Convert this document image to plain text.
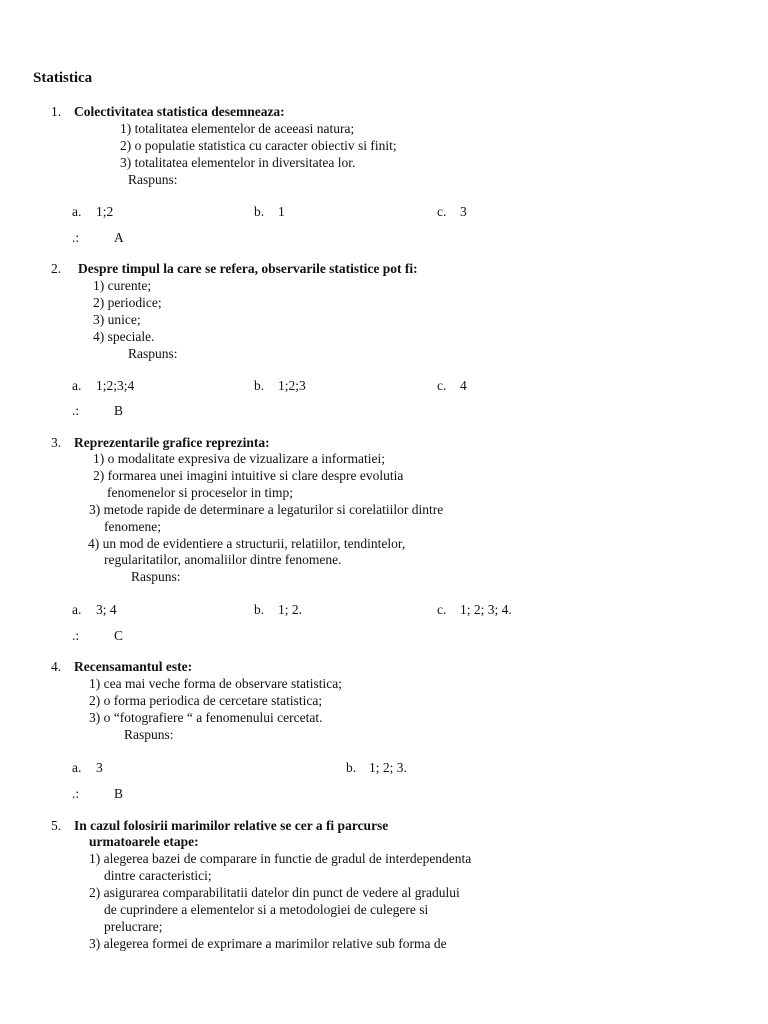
Statistica
1. Colectivitatea statistica desemneaza:
1) totalitatea elementelor de aceeasi natura;
2) o populatie statistica cu caracter obiectiv si finit;
3) totalitatea elementelor in diversitatea lor.
Raspuns:
a. 1;2	b. 1	c. 3
.:	A
2. Despre timpul la care se refera, observarile statistice pot fi:
1) curente;
2) periodice;
3) unice;
4) speciale.
Raspuns:
a. 1;2;3;4	b. 1;2;3	c. 4
.:	B
3. Reprezentarile grafice reprezinta:
1) o modalitate expresiva de vizualizare a informatiei;
2) formarea unei imagini intuitive si clare despre evolutia
fenomenelor si proceselor in timp;
3) metode rapide de determinare a legaturilor si corelatiilor dintre
fenomene;
4) un mod de evidentiere a structurii, relatiilor, tendintelor,
regularitatilor, anomaliilor dintre fenomene.
Raspuns:
a. 3; 4	b. 1; 2.	c. 1; 2; 3; 4.
.:	C
4. Recensamantul este:
1) cea mai veche forma de observare statistica;
2) o forma periodica de cercetare statistica;
3) o “fotografiere “ a fenomenului cercetat.
Raspuns:
a. 3	b. 1; 2; 3.
.:	B
5. In cazul folosirii marimilor relative se cer a fi parcurse
urmatoarele etape:
1) alegerea bazei de comparare in functie de gradul de interdependenta
dintre caracteristici;
2) asigurarea comparabilitatii datelor din punct de vedere al gradului
de cuprindere a elementelor si a metodologiei de culegere si
prelucrare;
3) alegerea formei de exprimare a marimilor relative sub forma de
